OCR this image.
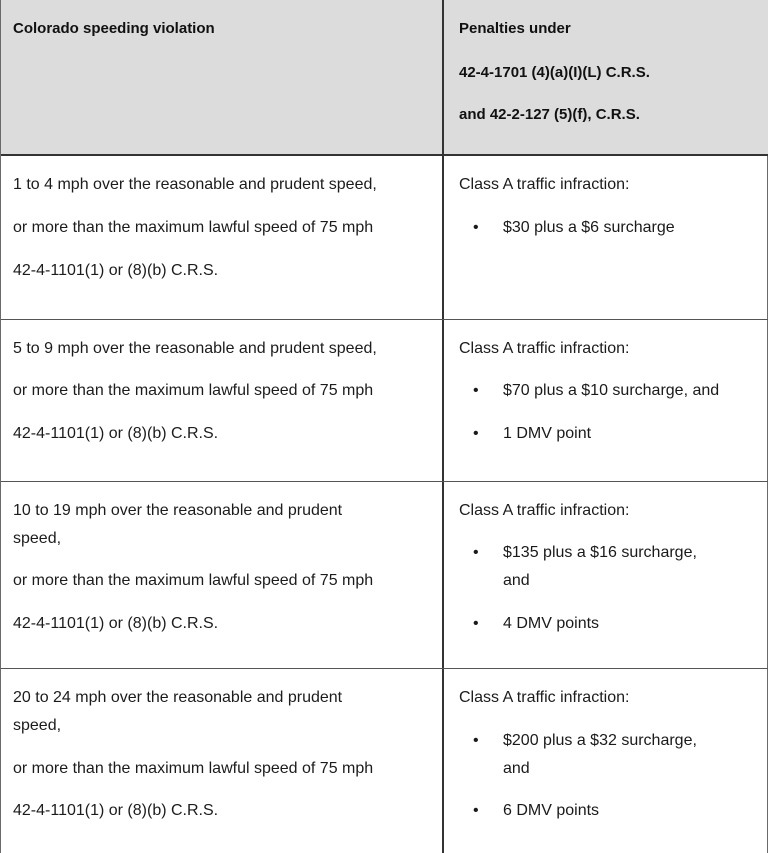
Colorado speeding violation	Penalties under
42-4-1701 (4)(a)(I)(L) C.R.S.
and 42-2-127 (5)(f), C.R.S.
1 to 4 mph over the reasonable and prudent speed,
or more than the maximum lawful speed of 75 mph
42-4-1101(1) or (8)(b) C.R.S.
Class A traffic infraction:
• $30 plus a $6 surcharge
5 to 9 mph over the reasonable and prudent speed,
or more than the maximum lawful speed of 75 mph
42-4-1101(1) or (8)(b) C.R.S.
Class A traffic infraction:
• $70 plus a $10 surcharge, and
• 1 DMV point
10 to 19 mph over the reasonable and prudent
speed,
or more than the maximum lawful speed of 75 mph
42-4-1101(1) or (8)(b) C.R.S.
Class A traffic infraction:
• $135 plus a $16 surcharge,
and
• 4 DMV points
20 to 24 mph over the reasonable and prudent
speed,
or more than the maximum lawful speed of 75 mph
42-4-1101(1) or (8)(b) C.R.S.
Class A traffic infraction:
• $200 plus a $32 surcharge,
and
• 6 DMV points
